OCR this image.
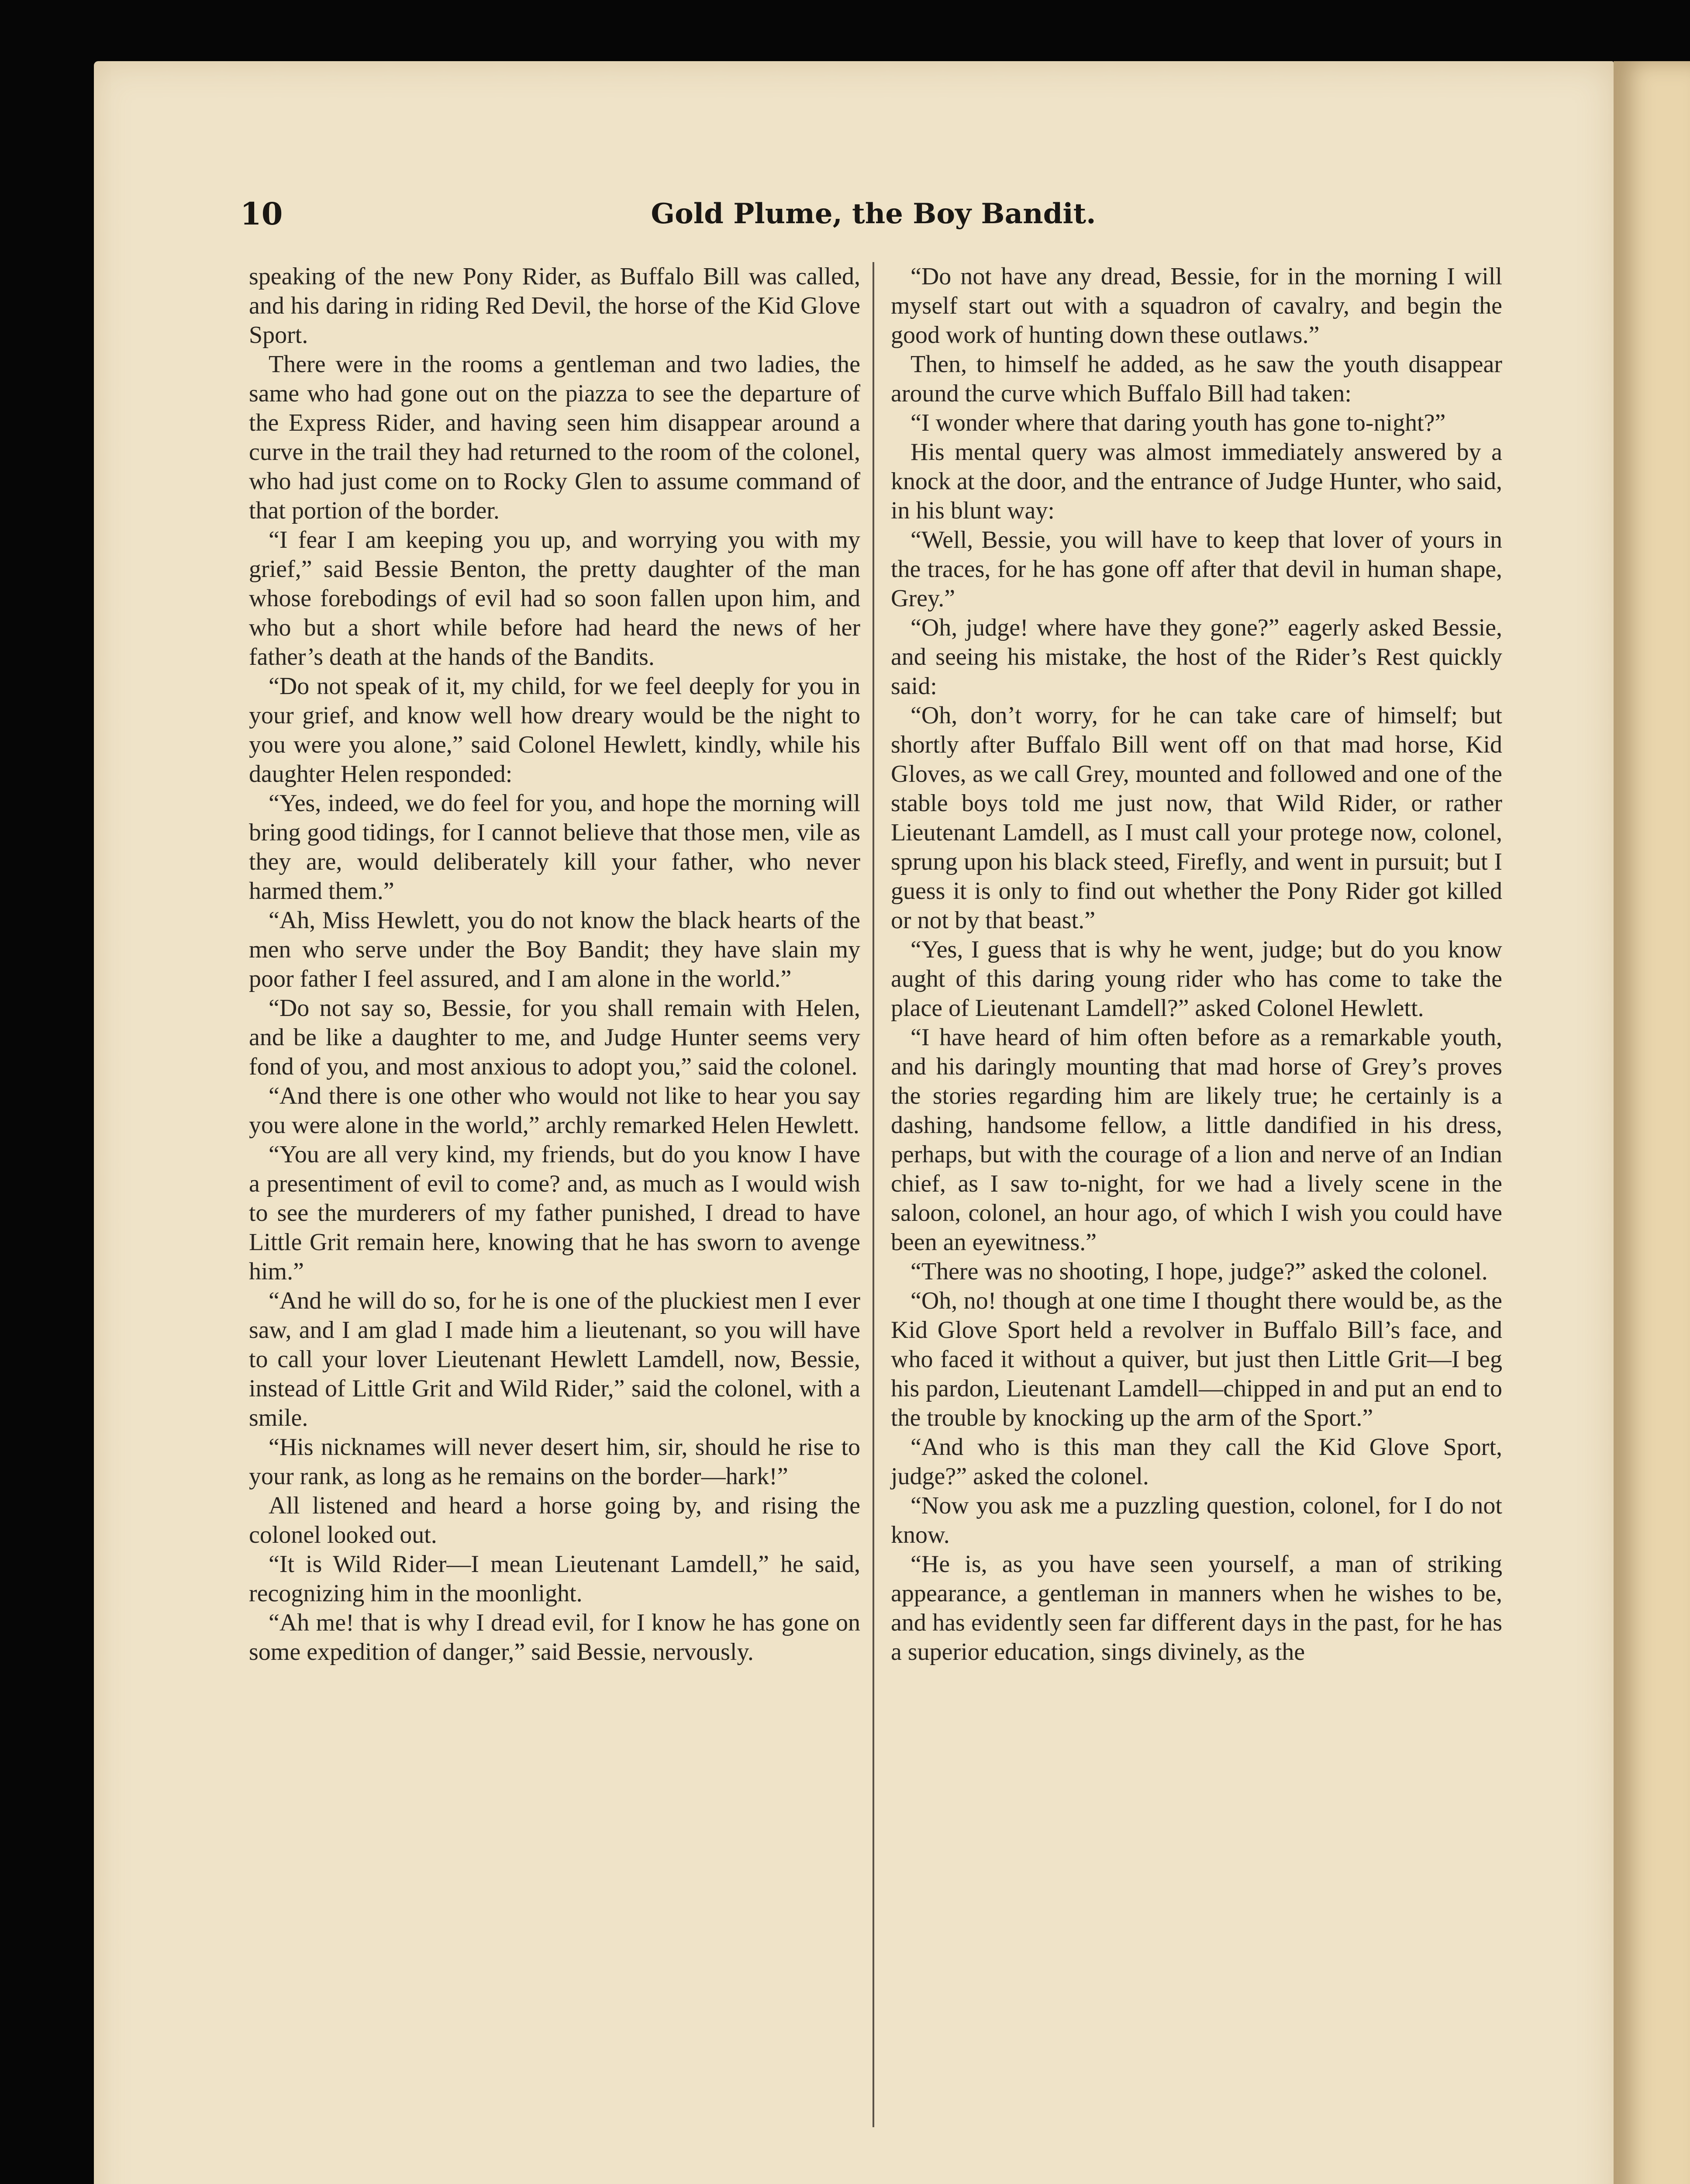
10	Gold Plume, the Boy Bandit.

speaking of the new Pony Rider, as Buffalo Bill was called, and his daring in riding Red Devil, the horse of the Kid Glove Sport.

There were in the rooms a gentleman and two ladies, the same who had gone out on the piazza to see the departure of the Express Rider, and having seen him disappear around a curve in the trail they had returned to the room of the colonel, who had just come on to Rocky Glen to assume command of that portion of the border.

“I fear I am keeping you up, and worrying you with my grief,” said Bessie Benton, the pretty daughter of the man whose forebodings of evil had so soon fallen upon him, and who but a short while before had heard the news of her father’s death at the hands of the Bandits.

“Do not speak of it, my child, for we feel deeply for you in your grief, and know well how dreary would be the night to you were you alone,” said Colonel Hewlett, kindly, while his daughter Helen responded:

“Yes, indeed, we do feel for you, and hope the morning will bring good tidings, for I cannot believe that those men, vile as they are, would deliberately kill your father, who never harmed them.”

“Ah, Miss Hewlett, you do not know the black hearts of the men who serve under the Boy Bandit; they have slain my poor father I feel assured, and I am alone in the world.”

“Do not say so, Bessie, for you shall remain with Helen, and be like a daughter to me, and Judge Hunter seems very fond of you, and most anxious to adopt you,” said the colonel.

“And there is one other who would not like to hear you say you were alone in the world,” archly remarked Helen Hewlett.

“You are all very kind, my friends, but do you know I have a presentiment of evil to come? and, as much as I would wish to see the murderers of my father punished, I dread to have Little Grit remain here, knowing that he has sworn to avenge him.”

“And he will do so, for he is one of the pluckiest men I ever saw, and I am glad I made him a lieutenant, so you will have to call your lover Lieutenant Hewlett Lamdell, now, Bessie, instead of Little Grit and Wild Rider,” said the colonel, with a smile.

“His nicknames will never desert him, sir, should he rise to your rank, as long as he remains on the border—hark!”

All listened and heard a horse going by, and rising the colonel looked out.

“It is Wild Rider—I mean Lieutenant Lamdell,” he said, recognizing him in the moonlight.

“Ah me! that is why I dread evil, for I know he has gone on some expedition of danger,” said Bessie, nervously.

“Do not have any dread, Bessie, for in the morning I will myself start out with a squadron of cavalry, and begin the good work of hunting down these outlaws.”

Then, to himself he added, as he saw the youth disappear around the curve which Buffalo Bill had taken:

“I wonder where that daring youth has gone to-night?”

His mental query was almost immediately answered by a knock at the door, and the entrance of Judge Hunter, who said, in his blunt way:

“Well, Bessie, you will have to keep that lover of yours in the traces, for he has gone off after that devil in human shape, Grey.”

“Oh, judge! where have they gone?” eagerly asked Bessie, and seeing his mistake, the host of the Rider’s Rest quickly said:

“Oh, don’t worry, for he can take care of himself; but shortly after Buffalo Bill went off on that mad horse, Kid Gloves, as we call Grey, mounted and followed and one of the stable boys told me just now, that Wild Rider, or rather Lieutenant Lamdell, as I must call your protege now, colonel, sprung upon his black steed, Firefly, and went in pursuit; but I guess it is only to find out whether the Pony Rider got killed or not by that beast.”

“Yes, I guess that is why he went, judge; but do you know aught of this daring young rider who has come to take the place of Lieutenant Lamdell?” asked Colonel Hewlett.

“I have heard of him often before as a remarkable youth, and his daringly mounting that mad horse of Grey’s proves the stories regarding him are likely true; he certainly is a dashing, handsome fellow, a little dandified in his dress, perhaps, but with the courage of a lion and nerve of an Indian chief, as I saw to-night, for we had a lively scene in the saloon, colonel, an hour ago, of which I wish you could have been an eyewitness.”

“There was no shooting, I hope, judge?” asked the colonel.

“Oh, no! though at one time I thought there would be, as the Kid Glove Sport held a revolver in Buffalo Bill’s face, and who faced it without a quiver, but just then Little Grit—I beg his pardon, Lieutenant Lamdell—chipped in and put an end to the trouble by knocking up the arm of the Sport.”

“And who is this man they call the Kid Glove Sport, judge?” asked the colonel.

“Now you ask me a puzzling question, colonel, for I do not know.

“He is, as you have seen yourself, a man of striking appearance, a gentleman in manners when he wishes to be, and has evidently seen far different days in the past, for he has a superior education, sings divinely, as the
